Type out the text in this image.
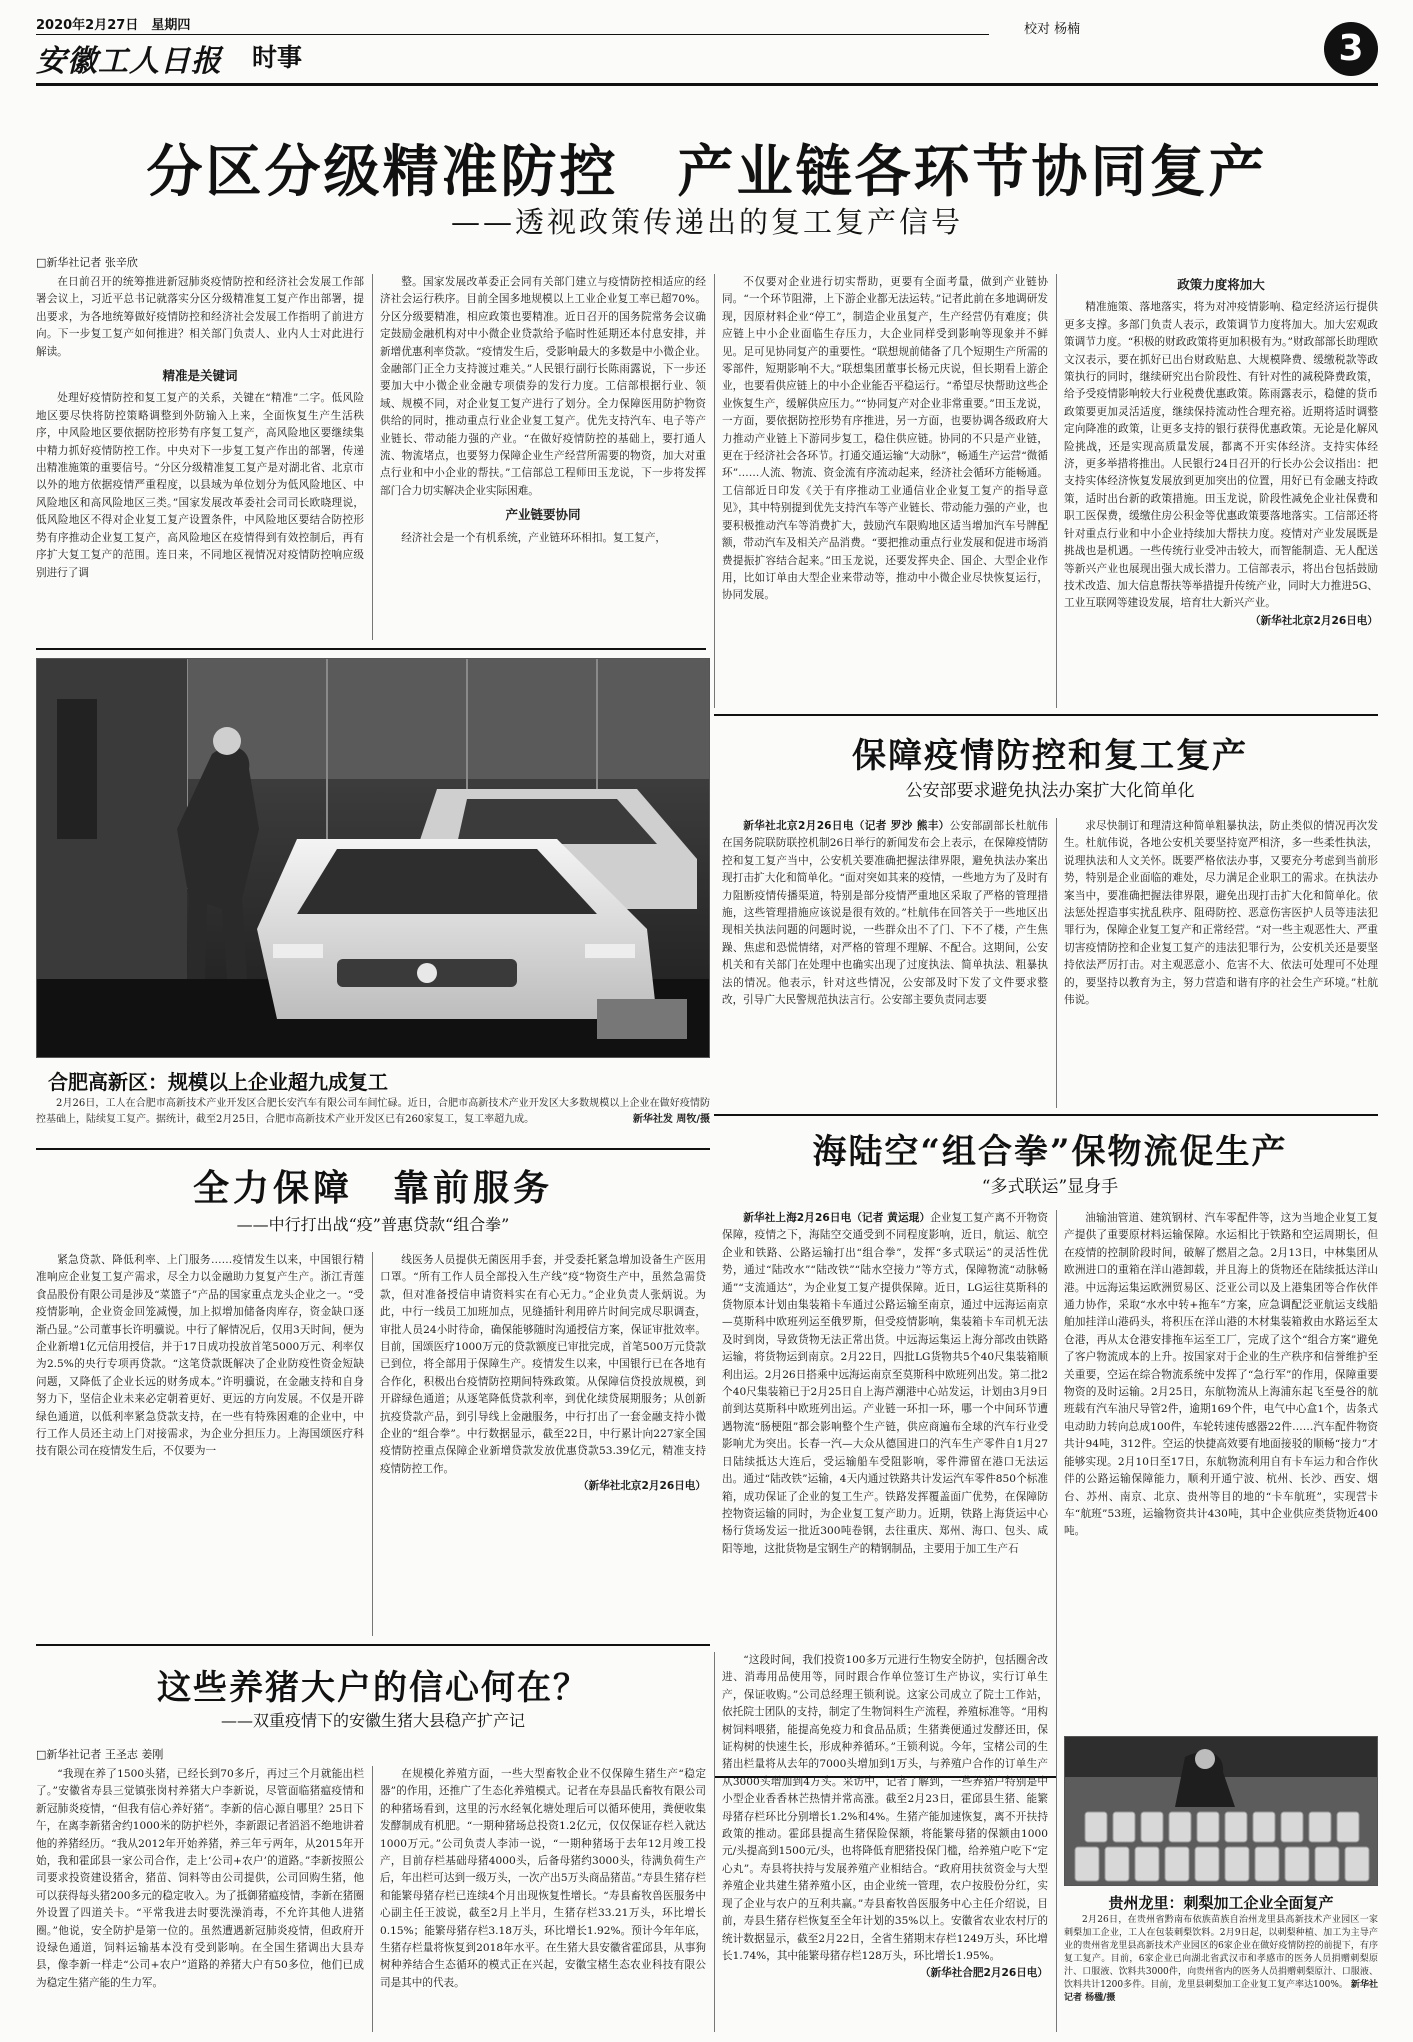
2020年2月27日　星期四
安徽工人日报 时事
校对 杨楠	3
分区分级精准防控　产业链各环节协同复产
——透视政策传递出的复工复产信号
□新华社记者 张辛欣

在日前召开的统筹推进新冠肺炎疫情防控和经济社会发展工作部署会议上，习近平总书记就落实分区分级精准复工复产作出部署，提出要求，为各地统筹做好疫情防控和经济社会发展工作指明了前进方向。下一步复工复产如何推进？相关部门负责人、业内人士对此进行解读。

精准是关键词

处理好疫情防控和复工复产的关系，关键在“精准”二字。低风险地区要尽快将防控策略调整到外防输入上来，全面恢复生产生活秩序，中风险地区要依据防控形势有序复工复产，高风险地区要继续集中精力抓好疫情防控工作。中央对下一步复工复产作出的部署，传递出精准施策的重要信号。“分区分级精准复工复产是对湖北省、北京市以外的地方依据疫情严重程度，以县域为单位划分为低风险地区、中风险地区和高风险地区三类。”国家发展改革委社会司司长欧晓理说，低风险地区不得对企业复工复产设置条件，中风险地区要结合防控形势有序推动企业复工复产，高风险地区在疫情得到有效控制后，再有序扩大复工复产的范围。连日来，不同地区视情况对疫情防控响应级别进行了调

整。国家发展改革委正会同有关部门建立与疫情防控相适应的经济社会运行秩序。目前全国多地规模以上工业企业复工率已超70%。分区分级要精准，相应政策也要精准。近日召开的国务院常务会议确定鼓励金融机构对中小微企业贷款给予临时性延期还本付息安排，并新增优惠利率贷款。“疫情发生后，受影响最大的多数是中小微企业。金融部门正全力支持渡过难关。”人民银行副行长陈雨露说，下一步还要加大中小微企业金融专项债券的发行力度。工信部根据行业、领域、规模不同，对企业复工复产进行了划分。全力保障医用防护物资供给的同时，推动重点行业企业复工复产。优先支持汽车、电子等产业链长、带动能力强的产业。“在做好疫情防控的基础上，要打通人流、物流堵点，也要努力保障企业生产经营所需要的物资，加大对重点行业和中小企业的帮扶。”工信部总工程师田玉龙说，下一步将发挥部门合力切实解决企业实际困难。

产业链要协同

经济社会是一个有机系统，产业链环环相扣。复工复产，

不仅要对企业进行切实帮助，更要有全面考量，做到产业链协同。“一个环节阻滞，上下游企业都无法运转。”记者此前在多地调研发现，因原材料企业“停工”，制造企业虽复产，生产经营仍有难度；供应链上中小企业面临生存压力，大企业同样受到影响等现象并不鲜见。足可见协同复产的重要性。“联想规前储备了几个短期生产所需的零部件，短期影响不大。”联想集团董事长杨元庆说，但长期看上游企业，也要看供应链上的中小企业能否平稳运行。“希望尽快帮助这些企业恢复生产，缓解供应压力。”“协同复产对企业非常重要。”田玉龙说，一方面，要依据防控形势有序推进，另一方面，也要协调各级政府大力推动产业链上下游同步复工，稳住供应链。协同的不只是产业链，更在于经济社会各环节。打通交通运输“大动脉”，畅通生产运营“微循环”……人流、物流、资金流有序流动起来，经济社会循环方能畅通。工信部近日印发《关于有序推动工业通信业企业复工复产的指导意见》，其中特别提到优先支持汽车等产业链长、带动能力强的产业，也要积极推动汽车等消费扩大，鼓励汽车限购地区适当增加汽车号牌配额，带动汽车及相关产品消费。“要把推动重点行业发展和促进市场消费提振扩容结合起来。”田玉龙说，还要发挥央企、国企、大型企业作用，比如订单由大型企业来带动等，推动中小微企业尽快恢复运行，协同发展。

政策力度将加大

精准施策、落地落实，将为对冲疫情影响、稳定经济运行提供更多支撑。多部门负责人表示，政策调节力度将加大。加大宏观政策调节力度。“积极的财政政策将更加积极有为。”财政部部长助理欧文汉表示，要在抓好已出台财政贴息、大规模降费、缓缴税款等政策执行的同时，继续研究出台阶段性、有针对性的减税降费政策，给予受疫情影响较大行业税费优惠政策。陈雨露表示，稳健的货币政策要更加灵活适度，继续保持流动性合理充裕。近期将适时调整定向降准的政策，让更多支持的银行获得优惠政策。无论是化解风险挑战，还是实现高质量发展，都离不开实体经济。支持实体经济，更多举措将推出。人民银行24日召开的行长办公会议指出：把支持实体经济恢复发展放到更加突出的位置，用好已有金融支持政策，适时出台新的政策措施。田玉龙说，阶段性减免企业社保费和职工医保费，缓缴住房公积金等优惠政策要落地落实。工信部还将针对重点行业和中小企业持续加大帮扶力度。疫情对产业发展既是挑战也是机遇。一些传统行业受冲击较大，而智能制造、无人配送等新兴产业也展现出强大成长潜力。工信部表示，将出台包括鼓励技术改造、加大信息帮扶等举措提升传统产业，同时大力推进5G、工业互联网等建设发展，培育壮大新兴产业。

（新华社北京2月26日电）

合肥高新区：规模以上企业超九成复工
2月26日，工人在合肥市高新技术产业开发区合肥长安汽车有限公司车间忙碌。近日，合肥市高新技术产业开发区大多数规模以上企业在做好疫情防控基础上，陆续复工复产。据统计，截至2月25日，合肥市高新技术产业开发区已有260家复工，复工率超九成。	新华社发 周牧/摄
保障疫情防控和复工复产
公安部要求避免执法办案扩大化简单化

新华社北京2月26日电（记者 罗沙 熊丰）公安部副部长杜航伟在国务院联防联控机制26日举行的新闻发布会上表示，在保障疫情防控和复工复产当中，公安机关要准确把握法律界限，避免执法办案出现打击扩大化和简单化。“面对突如其来的疫情，一些地方为了及时有力阻断疫情传播渠道，特别是部分疫情严重地区采取了严格的管理措施，这些管理措施应该说是很有效的。”杜航伟在回答关于一些地区出现相关执法问题的问题时说，一些群众出不了门、下不了楼，产生焦躁、焦虑和恐慌情绪，对严格的管理不理解、不配合。这期间，公安机关和有关部门在处理中也确实出现了过度执法、简单执法、粗暴执法的情况。他表示，针对这些情况，公安部及时下发了文件要求整改，引导广大民警规范执法言行。公安部主要负责同志要

求尽快制订和理清这种简单粗暴执法，防止类似的情况再次发生。杜航伟说，各地公安机关要坚持宽严相济，多一些柔性执法，说理执法和人文关怀。既要严格依法办事，又要充分考虑到当前形势，特别是企业面临的难处，尽力满足企业职工的需求。在执法办案当中，要准确把握法律界限，避免出现打击扩大化和简单化。依法惩处捏造事实扰乱秩序、阻碍防控、恶意伤害医护人员等违法犯罪行为，保障企业复工复产和正常经营。“对一些主观恶性大、严重切害疫情防控和企业复工复产的违法犯罪行为，公安机关还是要坚持依法严厉打击。对主观恶意小、危害不大、依法可处理可不处理的，要坚持以教育为主，努力营造和谐有序的社会生产环境。”杜航伟说。

海陆空“组合拳”保物流促生产
“多式联运”显身手

新华社上海2月26日电（记者 黄运琨）企业复工复产离不开物资保障，疫情之下，海陆空交通受到不同程度影响，近日，航运、航空企业和铁路、公路运输打出“组合拳”，发挥“多式联运”的灵活性优势，通过“陆改水”“陆改铁”“陆水空接力”等方式，保障物流“动脉畅通”“支流通达”，为企业复工复产提供保障。近日，LG运往莫斯科的货物原本计划由集装箱卡车通过公路运输至南京，通过中远海运南京—莫斯科中欧班列运至俄罗斯，但受疫情影响，集装箱卡车司机无法及时到岗，导致货物无法正常出货。中远海运集运上海分部改由铁路运输，将货物运到南京。2月22日，四批LG货物共5个40尺集装箱顺利出运。2月26日搭乘中远海运南京至莫斯科中欧班列出发。第二批2个40尺集装箱已于2月25日自上海芦潮港中心站发运，计划由3月9日前到达莫斯科中欧班列出运。产业链一环扣一环，哪一个中间环节遭遇物流“肠梗阻”都会影响整个生产链，供应商遍布全球的汽车行业受影响尤为突出。长春一汽—大众从德国进口的汽车生产零件自1月27日陆续抵达大连后，受运输船车受阻影响，零件滞留在港口无法运出。通过“陆改铁”运输，4天内通过铁路共计发运汽车零件850个标准箱，成功保证了企业的复工生产。铁路发挥覆盖面广优势，在保障防控物资运输的同时，为企业复工复产助力。近期，铁路上海货运中心杨行货场发运一批近300吨卷钢，去往重庆、郑州、海口、包头、咸阳等地，这批货物是宝钢生产的精钢制品，主要用于加工生产石

油输油管道、建筑钢材、汽车零配件等，这为当地企业复工复产提供了重要原材料运输保障。水运相比于铁路和空运周期长，但在疫情的控制阶段时间，破解了燃眉之急。2月13日，中林集团从欧洲进口的重箱在洋山港卸载，并且海上的货物还在陆续抵达洋山港。中远海运集运欧洲贸易区、泛亚公司以及上港集团等合作伙伴通力协作，采取“水水中转+拖车”方案，应急调配泛亚航运支线船舶加挂洋山港码头，将积压在洋山港的木材集装箱救由水路运至太仓港，再从太仓港安排拖车运至工厂，完成了这个“组合方案”避免了客户物流成本的上升。按国家对于企业的生产秩序和信誉维护至关重要，空运在综合物流系统中发挥了“急行军”的作用，保障重要物资的及时运输。2月25日，东航物流从上海浦东起飞至曼谷的航班载有汽车油尺导管2件，逾期169个件，电气中心盒1个，齿条式电动助力转向总成100件，车轮转速传感器22件……汽车配件物资共计94吨，312件。空运的快捷高效要有地面接驳的顺畅“接力”才能够实现。2月10日至17日，东航物流利用自有卡车运力和合作伙伴的公路运输保障能力，顺利开通宁波、杭州、长沙、西安、烟台、苏州、南京、北京、贵州等目的地的“卡车航班”，实现营卡车“航班”53班，运输物资共计430吨，其中企业供应类货物近400吨。

全力保障　靠前服务
——中行打出战“疫”普惠贷款“组合拳”

紧急贷款、降低利率、上门服务……疫情发生以来，中国银行精准响应企业复工复产需求，尽全力以金融助力复复产生产。浙江青莲食品股份有限公司是涉及“菜篮子”产品的国家重点龙头企业之一。“受疫情影响，企业资金回笼减慢，加上拟增加储备肉库存，资金缺口逐渐凸显。”公司董事长许明骥说。中行了解情况后，仅用3天时间，便为企业新增1亿元信用授信，并于17日成功投放首笔5000万元、利率仅为2.5%的央行专项再贷款。“这笔贷款既解决了企业防疫性资金短缺问题，又降低了企业长远的财务成本。”许明骥说，在金融支持和自身努力下，坚信企业未来必定朝着更好、更远的方向发展。不仅是开辟绿色通道，以低利率紧急贷款支持，在一些有特殊困难的企业中，中行工作人员还主动上门对接需求，为企业分担压力。上海国颂医疗科技有限公司在疫情发生后，不仅要为一

线医务人员提供无菌医用手套，并受委托紧急增加设备生产医用口罩。“所有工作人员全部投入生产线”疫“物资生产中，虽然急需贷款，但对准备授信申请资料实在有心无力。”企业负责人张炳说。为此，中行一线员工加班加点，见缝插针利用碎片时间完成尽职调查，审批人员24小时待命，确保能够随时沟通授信方案，保证审批效率。目前，国颂医疗1000万元的贷款额度已审批完成，首笔500万元贷款已到位，将全部用于保障生产。疫情发生以来，中国银行已在各地有合作化，积极出台疫情防控期间特殊政策。从保障信贷投放规模，到开辟绿色通道；从逐笔降低贷款利率，到优化续贷展期服务；从创新抗疫贷款产品，到引导线上金融服务，中行打出了一套金融支持小微企业的“组合拳”。中行数据显示，截至22日，中行累计向227家全国疫情防控重点保障企业新增贷款发放优惠贷款53.39亿元，精准支持疫情防控工作。

（新华社北京2月26日电）

这些养猪大户的信心何在？
——双重疫情下的安徽生猪大县稳产扩产记
□新华社记者 王圣志 姜刚

“我现在养了1500头猪，已经长到70多斤，再过三个月就能出栏了。”安徽省寿县三觉镇张岗村养猪大户李新说，尽管面临猪瘟疫情和新冠肺炎疫情，“但我有信心养好猪”。李新的信心源自哪里？25日下午，在离李新猪舍约1000米的防护栏外，李新跟记者滔滔不绝地讲着他的养猪经历。“我从2012年开始养猪，养三年亏两年，从2015年开始，我和霍邱县一家公司合作，走上‘公司+农户’的道路。”李新按照公司要求投资建设猪舍，猪苗、饲料等由公司提供，公司回购生猪，他可以获得每头猪200多元的稳定收入。为了抵御猪瘟疫情，李新在猪圈外设置了四道关卡。“平常我进去时要洗澡消毒，不允许其他人进猪圈。”他说，安全防护是第一位的。虽然遭遇新冠肺炎疫情，但政府开设绿色通道，饲料运输基本没有受到影响。在全国生猪调出大县寿县，像李新一样走“公司+农户”道路的养猪大户有50多位，他们已成为稳定生猪产能的生力军。

在规模化养殖方面，一些大型畜牧企业不仅保障生猪生产“稳定器”的作用，还推广了生态化养殖模式。记者在寿县晶氏畜牧有限公司的种猪场看到，这里的污水经氧化塘处理后可以循环使用，粪便收集发酵制成有机肥。“一期种猪场总投资1.2亿元，仅仅保证存栏入就达1000万元。”公司负责人李沛一说，“一期种猪场于去年12月竣工投产，目前存栏基础母猪4000头，后备母猪约3000头，待满负荷生产后，年出栏可达到一级万头，一次产出5万头商品猪苗。”寿县生猪存栏和能繁母猪存栏已连续4个月出现恢复性增长。“寿县畜牧兽医服务中心副主任王波说，截至2月上半月，生猪存栏33.21万头，环比增长0.15%；能繁母猪存栏3.18万头，环比增长1.92%。预计今年年底，生猪存栏量将恢复到2018年水平。在生猪大县安徽省霍邱县，从事狗树种养结合生态循环的模式正在兴起，安徽宝楮生态农业科技有限公司是其中的代表。

“这段时间，我们投资100多万元进行生物安全防护，包括圈舍改进、消毒用品使用等，同时跟合作单位签订生产协议，实行订单生产，保证收购。”公司总经理王锁利说。这家公司成立了院士工作站，依托院士团队的支持，制定了生物饲料生产流程，养殖标准等。“用构树饲料喂猪，能提高免疫力和食品品质；生猪粪便通过发酵还田，保证构树的快速生长，形成种养循环。”王锁利说。今年，宝楮公司的生猪出栏量将从去年的7000头增加到1万头，与养殖户合作的订单生产从3000头增加到4万头。采访中，记者了解到，一些养猪户特别是中小型企业香香林芒热情并常高涨。截至2月23日，霍邱县生猪、能繁母猪存栏环比分别增长1.2%和4%。生猪产能加速恢复，离不开扶持政策的推动。霍邱县提高生猪保险保额，将能繁母猪的保额由1000元/头提高到1500元/头，也将降低育肥猪投保门槛，给养殖户吃下“定心丸”。寿县将扶持与发展养殖产业相结合。“政府用扶贫资金与大型养殖企业共建生猪养殖小区，由企业统一管理，农户按股份分红，实现了企业与农户的互利共赢。”寿县畜牧兽医服务中心主任介绍说，目前，寿县生猪存栏恢复至全年计划的35%以上。安徽省农业农村厅的统计数据显示，截至2月22日，全省生猪期末存栏1249万头，环比增长1.74%，其中能繁母猪存栏128万头，环比增长1.95%。

（新华社合肥2月26日电）

贵州龙里：刺梨加工企业全面复产
2月26日，在贵州省黔南布依族苗族自治州龙里县高新技术产业园区一家刺梨加工企业，工人在包装刺梨饮料。2月9日起，以刺梨种植、加工为主导产业的贵州省龙里县高新技术产业园区的6家企业在做好疫情防控的前提下，有序复工复产。目前，6家企业已向湖北省武汉市和孝感市的医务人员捐赠刺梨原汁、口服液、饮料共3000件，向贵州省内的医务人员捐赠刺梨原汁、口服液、饮料共计1200多件。目前，龙里县刺梨加工企业复工复产率达100%。 新华社记者 杨楹/摄
